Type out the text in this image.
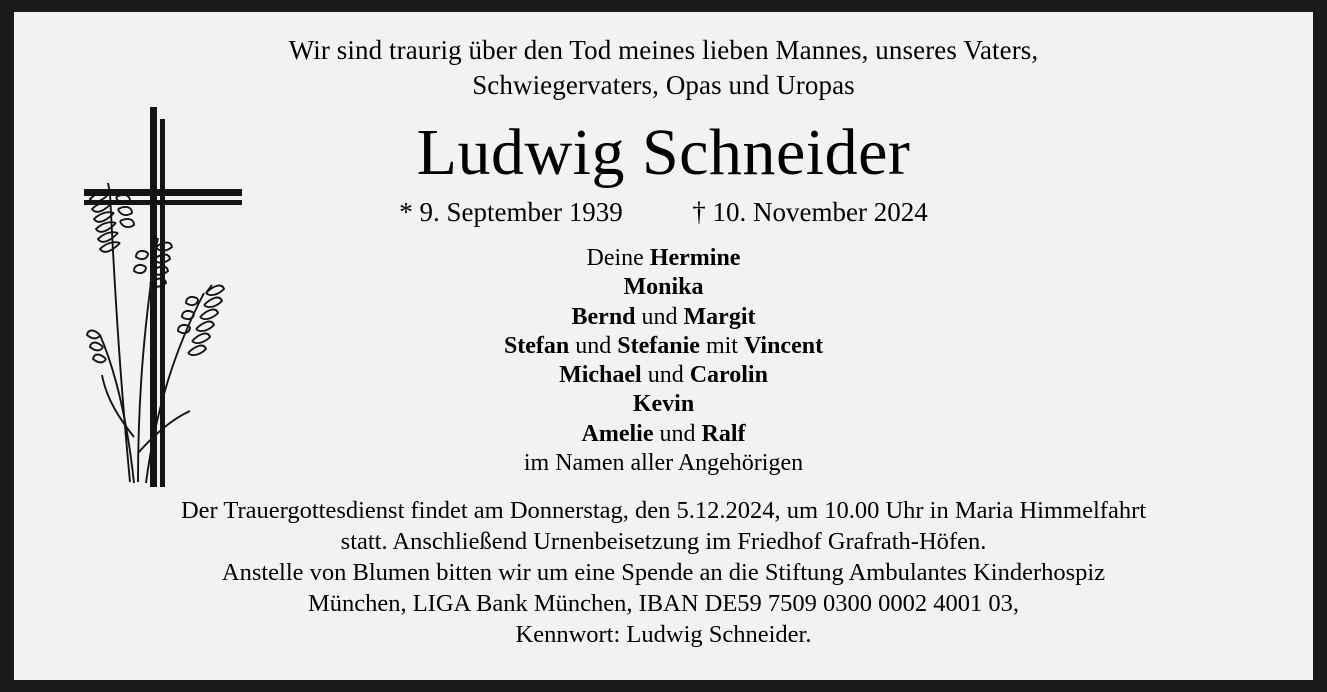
Wir sind traurig über den Tod meines lieben Mannes, unseres Vaters,
Schwiegervaters, Opas und Uropas
Ludwig Schneider
* 9. September 1939	† 10. November 2024
Deine Hermine
Monika
Bernd und Margit
Stefan und Stefanie mit Vincent
Michael und Carolin
Kevin
Amelie und Ralf
im Namen aller Angehörigen
Der Trauergottesdienst findet am Donnerstag, den 5.12.2024, um 10.00 Uhr in Maria Himmelfahrt
statt. Anschließend Urnenbeisetzung im Friedhof Grafrath-Höfen.
Anstelle von Blumen bitten wir um eine Spende an die Stiftung Ambulantes Kinderhospiz
München, LIGA Bank München, IBAN DE59 7509 0300 0002 4001 03,
Kennwort: Ludwig Schneider.
